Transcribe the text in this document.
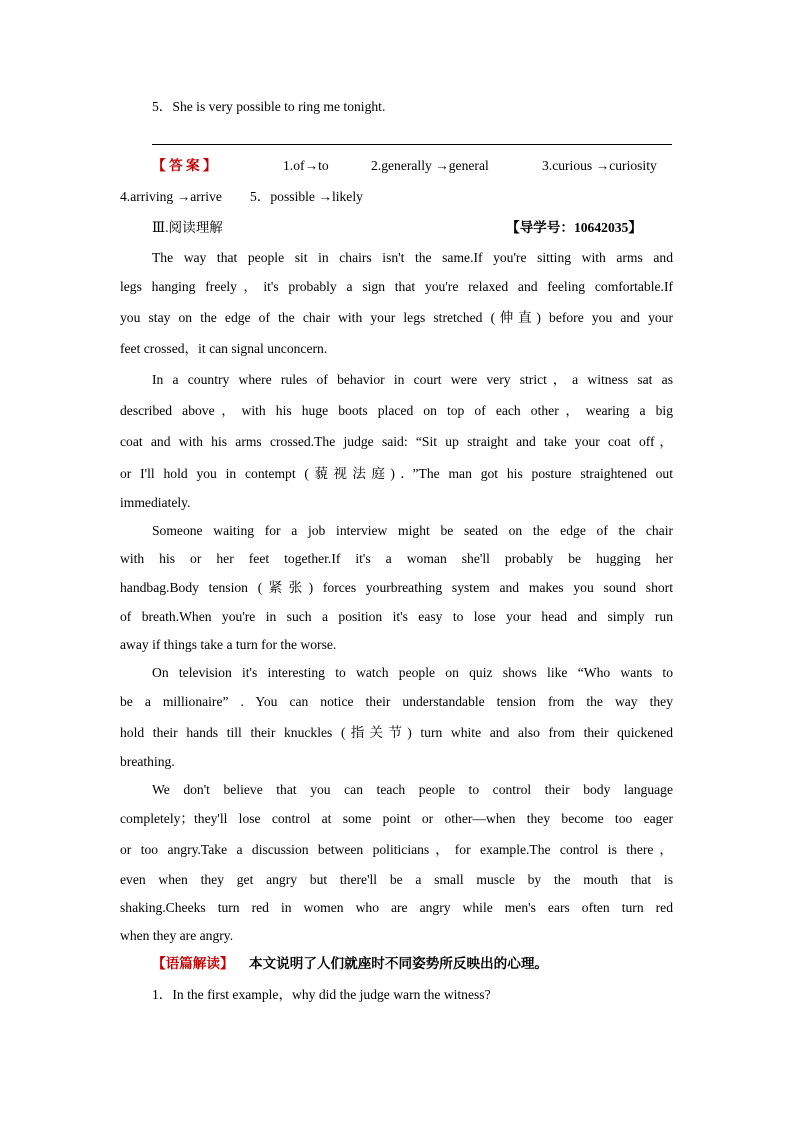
5．She is very possible to ring me tonight.
【 答 案 】	1.of→to	2.generally →general	3.curious →curiosity
4.arriving →arrive 5．possible →likely
Ⅲ.阅读理解	【导学号：10642035】
The way that people sit in chairs isn't the same.If you're sitting with arms and
legs hanging freely，it's probably a sign that you're relaxed and feeling comfortable.If
you stay on the edge of the chair with your legs stretched (伸直) before you and your
feet crossed，it can signal unconcern.
In a country where rules of behavior in court were very strict，a witness sat as
described above，with his huge boots placed on top of each other，wearing a big
coat and with his arms crossed.The judge said: “Sit up straight and take your coat off，
or I'll hold you in contempt (藐视法庭)．”The man got his posture straightened out
immediately.
Someone waiting for a job interview might be seated on the edge of the chair
with his or her feet together.If it's a woman she'll probably be hugging her
handbag.Body tension (紧张) forces yourbreathing system and makes you sound short
of breath.When you're in such a position it's easy to lose your head and simply run
away if things take a turn for the worse.
On television it's interesting to watch people on quiz shows like “Who wants to
be a millionaire” . You can notice their understandable tension from the way they
hold their hands till their knuckles (指关节) turn white and also from their quickened
breathing.
We don't believe that you can teach people to control their body language
completely；they'll lose control at some point or other—when they become too eager
or too angry.Take a discussion between politicians，for example.The control is there，
even when they get angry but there'll be a small muscle by the mouth that is
shaking.Cheeks turn red in women who are angry while men's ears often turn red
when they are angry.
【语篇解读】 本文说明了人们就座时不同姿势所反映出的心理。
1．In the first example，why did the judge warn the witness?
